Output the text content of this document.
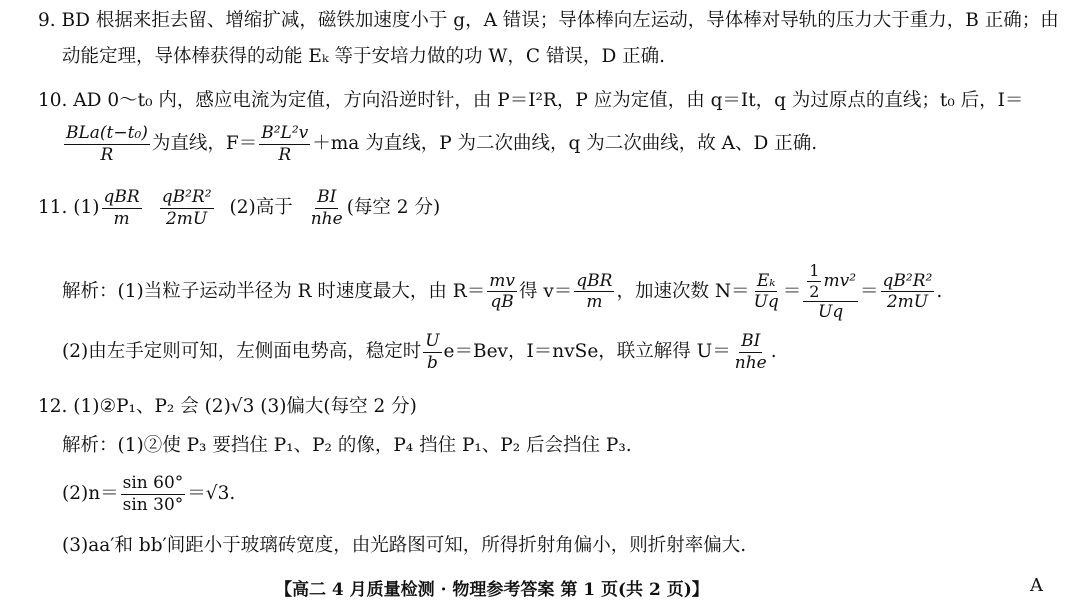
9. BD 根据来拒去留、增缩扩减，磁铁加速度小于 g，A 错误；导体棒向左运动，导体棒对导轨的压力大于重力，B 正确；由
动能定理，导体棒获得的动能 Eₖ 等于安培力做的功 W，C 错误，D 正确.
10. AD 0～t₀ 内，感应电流为定值，方向沿逆时针，由 P＝I²R，P 应为定值，由 q＝It，q 为过原点的直线；t₀ 后，I＝
$\frac{\text{BLa(t−t₀)}}{R}$ 为直线，$F= \frac{\text{B²L²v}}{R} +ma$ 为直线，P 为二次曲线，q 为二次曲线，故 A、D 正确.
11. $(1) \frac{\text{qBR}}{m} \frac{\text{qB²R²}}{2mU} (2)$高于 $\frac{BI}{\text{nhe}}$ (每空 2 分)
解析：(1)当粒子运动半径为 R 时速度最大，由 $R= \frac{mv}{qB}$ 得 $v= \frac{\text{qBR}}{m}$ ，加速次数 $N= \frac{\text{Eₖ}}{Uq} = \frac{\frac{1}{2} mv^2}{Uq} = \frac{\text{qB²R²}}{2mU}$ .
(2)由左手定则可知，左侧面电势高，稳定时 $\frac{U}{b} e=Bev$，I＝nvSe，联立解得 $U= \frac{BI}{\text{nhe}}$ .
12. (1)②P₁、P₂ 会 (2)√3 (3)偏大(每空 2 分)
解析：(1)②使 P₃ 要挡住 P₁、P₂ 的像，P₄ 挡住 P₁、P₂ 后会挡住 P₃.
$(2)n= \frac{\sin 60^\circ}{\sin 30^\circ} =√3$.
(3)aa′和 bb′间距小于玻璃砖宽度，由光路图可知，所得折射角偏小，则折射率偏大.
【高二 4 月质量检测 · 物理参考答案 第 1 页(共 2 页)】	A
